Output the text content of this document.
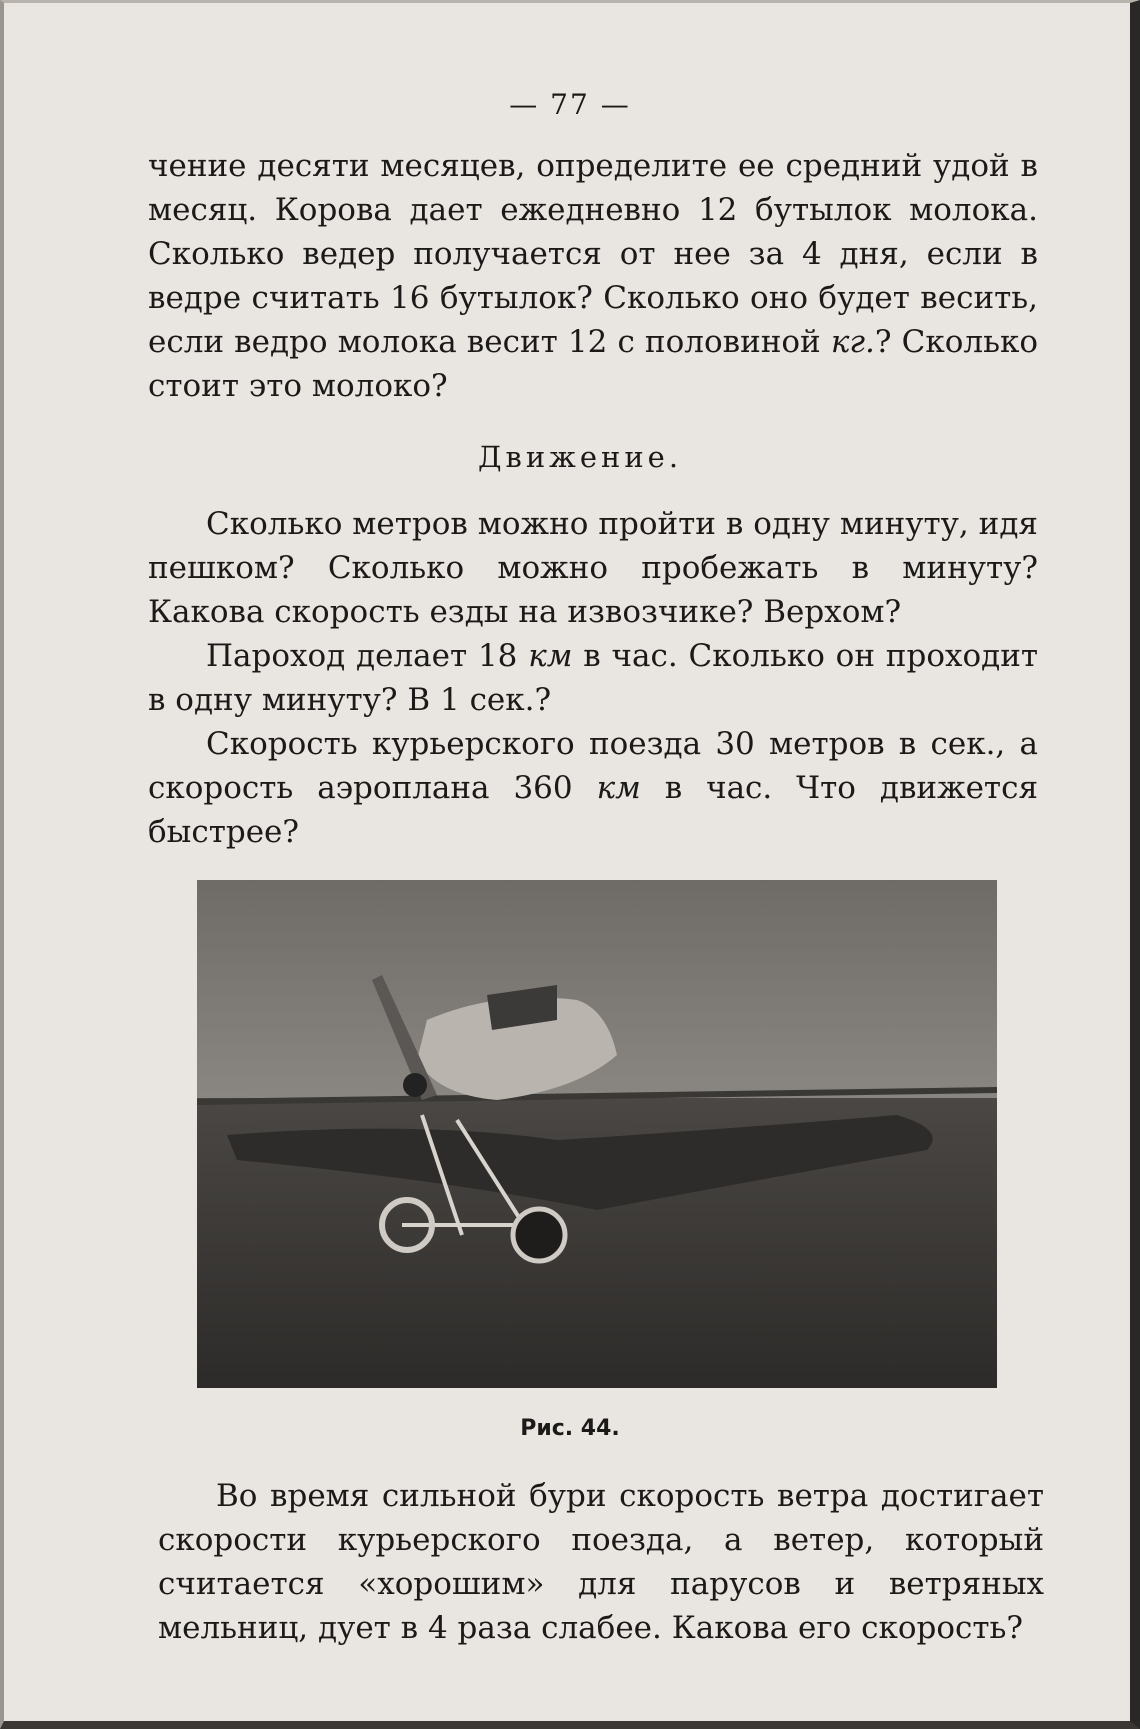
— 77 —

чение десяти месяцев, определите ее средний удой в месяц. Корова дает ежедневно 12 бутылок молока. Сколько ведер получается от нее за 4 дня, если в ведре считать 16 бутылок? Сколько оно будет весить, если ведро молока весит 12 с половиной кг.? Сколько стоит это молоко?

Движение.

Сколько метров можно пройти в одну минуту, идя пешком? Сколько можно пробежать в минуту? Какова скорость езды на извозчике? Верхом?

Пароход делает 18 км в час. Сколько он проходит в одну минуту? В 1 сек.?

Скорость курьерского поезда 30 метров в сек., а скорость аэроплана 360 км в час. Что движется быстрее?

Рис. 44.

Во время сильной бури скорость ветра достигает скорости курьерского поезда, а ветер, который считается «хорошим» для парусов и ветряных мельниц, дует в 4 раза слабее. Какова его скорость?
